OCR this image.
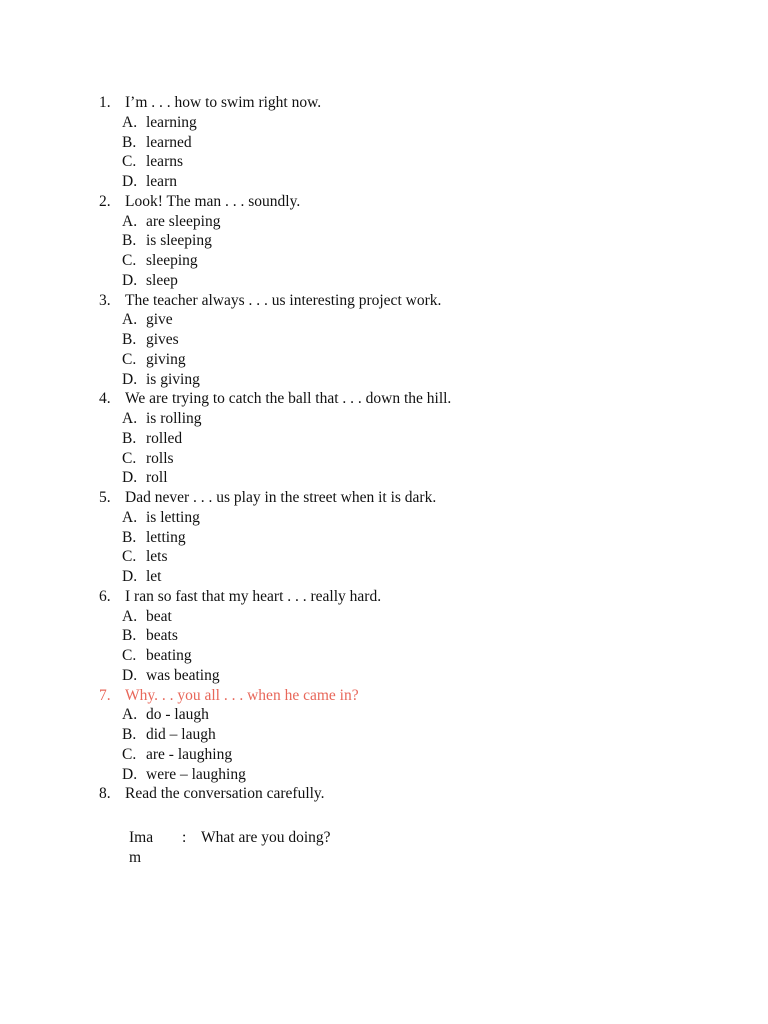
1. I’m . . . how to swim right now.
A. learning
B. learned
C. learns
D. learn
2. Look! The man . . . soundly.
A. are sleeping
B. is sleeping
C. sleeping
D. sleep
3. The teacher always . . . us interesting project work.
A. give
B. gives
C. giving
D. is giving
4. We are trying to catch the ball that . . . down the hill.
A. is rolling
B. rolled
C. rolls
D. roll
5. Dad never . . . us play in the street when it is dark.
A. is letting
B. letting
C. lets
D. let
6. I ran so fast that my heart . . . really hard.
A. beat
B. beats
C. beating
D. was beating
7. Why. . . you all . . . when he came in?
A. do - laugh
B. did – laugh
C. are - laughing
D. were – laughing
8. Read the conversation carefully.
Ima
m
: What are you doing?
